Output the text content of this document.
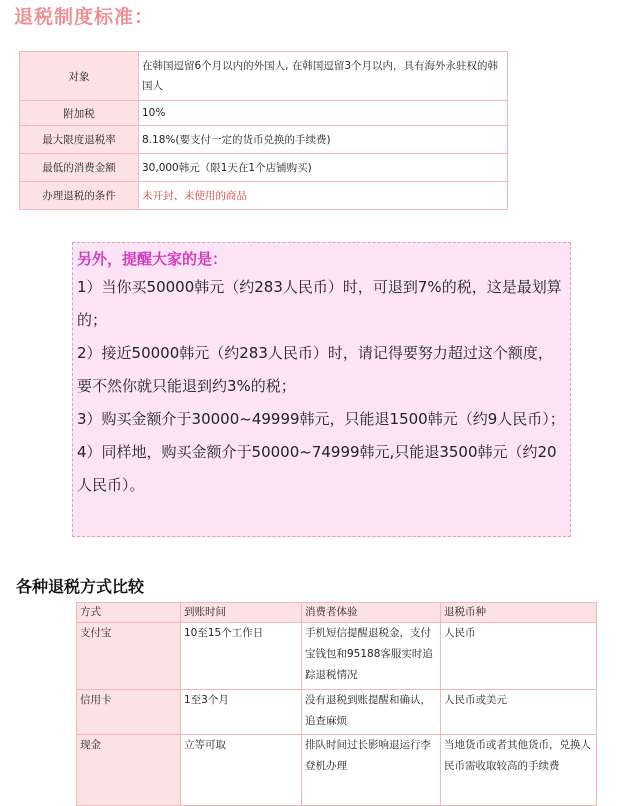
退税制度标准：
对象	在韩国逗留6个月以内的外国人, 在韩国逗留3个月以内，具有海外永驻权的韩国人
附加税	10%
最大限度退税率	8.18%(要支付一定的货币兑换的手续费)
最低的消费金额	30,000韩元（限1天在1个店铺购买)
办理退税的条件	未开封、未使用的商品
另外，提醒大家的是：

1）当你买50000韩元（约283人民币）时，可退到7%的税，这是最划算的；

2）接近50000韩元（约283人民币）时，请记得要努力超过这个额度，要不然你就只能退到约3%的税；

3）购买金额介于30000~49999韩元，只能退1500韩元（约9人民币）；

4）同样地，购买金额介于50000~74999韩元,只能退3500韩元（约20人民币）。

各种退税方式比较
方式	到账时间	消费者体验	退税币种
支付宝	10至15个工作日	手机短信提醒退税金，支付宝钱包和95188客服实时追踪退税情况	人民币
信用卡	1至3个月	没有退税到账提醒和确认，追查麻烦	人民币或美元
现金	立等可取	排队时间过长影响退运行李登机办理	当地货币或者其他货币，兑换人民币需收取较高的手续费
